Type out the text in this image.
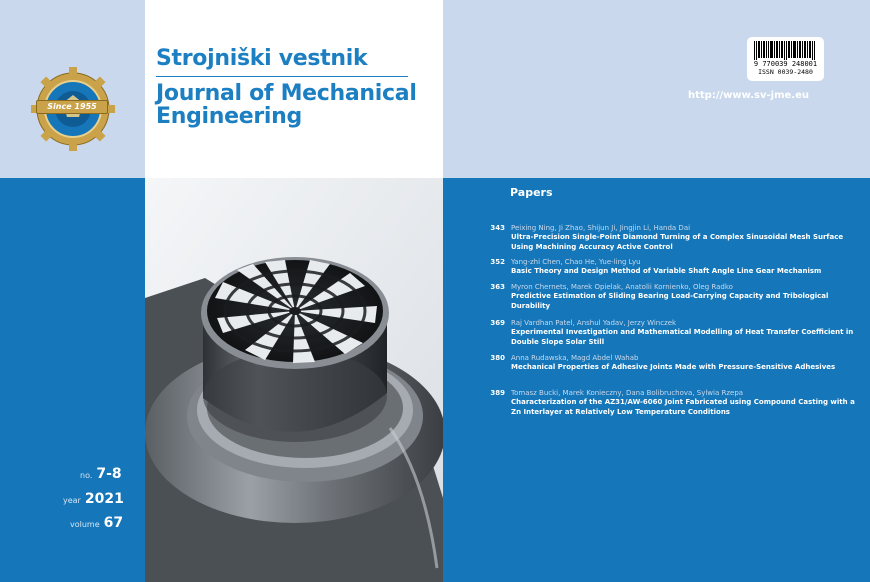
Since 1955
Strojniški vestnik
Journal of Mechanical Engineering
9 770039 248001
ISSN 0039-2480
http://www.sv-jme.eu
Contents
Papers
343 Peixing Ning, Ji Zhao, Shijun Ji, Jingjin Li, Handa Dai
Ultra-Precision Single-Point Diamond Turning of a Complex Sinusoidal Mesh Surface Using Machining Accuracy Active Control
352 Yang-zhi Chen, Chao He, Yue-ling Lyu
Basic Theory and Design Method of Variable Shaft Angle Line Gear Mechanism
363 Myron Chernets, Marek Opielak, Anatolii Kornienko, Oleg Radko
Predictive Estimation of Sliding Bearing Load-Carrying Capacity and Tribological Durability
369 Raj Vardhan Patel, Anshul Yadav, Jerzy Winczek
Experimental Investigation and Mathematical Modelling of Heat Transfer Coefficient in Double Slope Solar Still
380 Anna Rudawska, Magd Abdel Wahab
Mechanical Properties of Adhesive Joints Made with Pressure-Sensitive Adhesives
389 Tomasz Bucki, Marek Konieczny, Dana Bolibruchova, Sylwia Rzepa
Characterization of the AZ31/AW-6060 Joint Fabricated using Compound Casting with a Zn Interlayer at Relatively Low Temperature Conditions
no. 7-8
year 2021
volume 67
